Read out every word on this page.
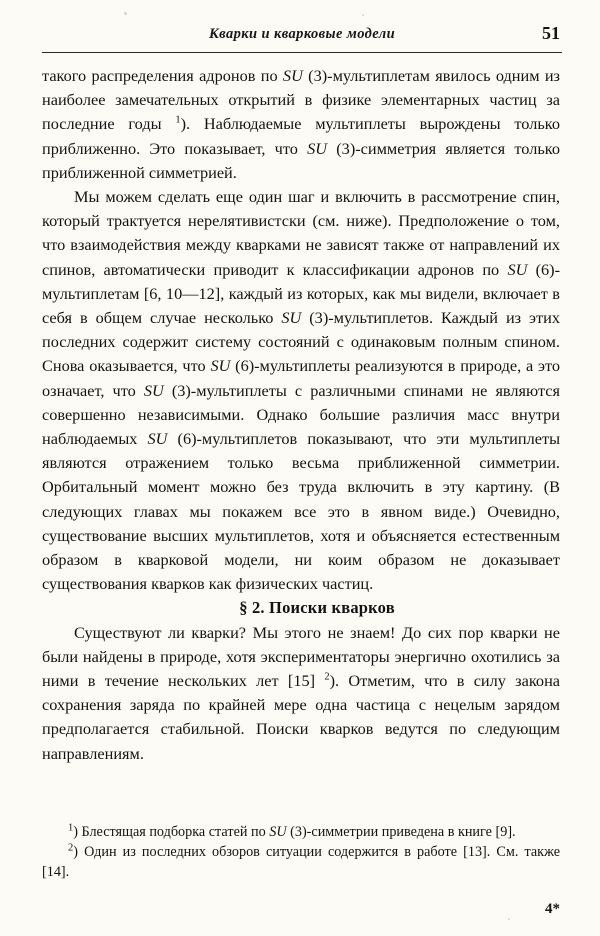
Кварки и кварковые модели	51

такого распределения адронов по SU (3)-мультиплетам явилось одним из наиболее замечательных открытий в физике элементарных частиц за последние годы $^1$). Наблюдаемые мультиплеты вырождены только приближенно. Это показывает, что SU (3)-симметрия является только приближенной симметрией.

Мы можем сделать еще один шаг и включить в рассмотрение спин, который трактуется нерелятивистски (см. ниже). Предположение о том, что взаимодействия между кварками не зависят также от направлений их спинов, автоматически приводит к классификации адронов по SU (6)-мультиплетам [6, 10—12], каждый из которых, как мы видели, включает в себя в общем случае несколько SU (3)-мультиплетов. Каждый из этих последних содержит систему состояний с одинаковым полным спином. Снова оказывается, что SU (6)-мультиплеты реализуются в природе, а это означает, что SU (3)-мультиплеты с различными спинами не являются совершенно независимыми. Однако большие различия масс внутри наблюдаемых SU (6)-мультиплетов показывают, что эти мультиплеты являются отражением только весьма приближенной симметрии. Орбитальный момент можно без труда включить в эту картину. (В следующих главах мы покажем все это в явном виде.) Очевидно, существование высших мультиплетов, хотя и объясняется естественным образом в кварковой модели, ни коим образом не доказывает существования кварков как физических частиц.

§ 2. Поиски кварков

Существуют ли кварки? Мы этого не знаем! До сих пор кварки не были найдены в природе, хотя экспериментаторы энергично охотились за ними в течение нескольких лет [15] $^2$). Отметим, что в силу закона сохранения заряда по крайней мере одна частица с нецелым зарядом предполагается стабильной. Поиски кварков ведутся по следующим направлениям.

$^1$) Блестящая подборка статей по SU (3)-симметрии приведена в книге [9].

$^2$) Один из последних обзоров ситуации содержится в работе [13]. См. также [14].

4*
